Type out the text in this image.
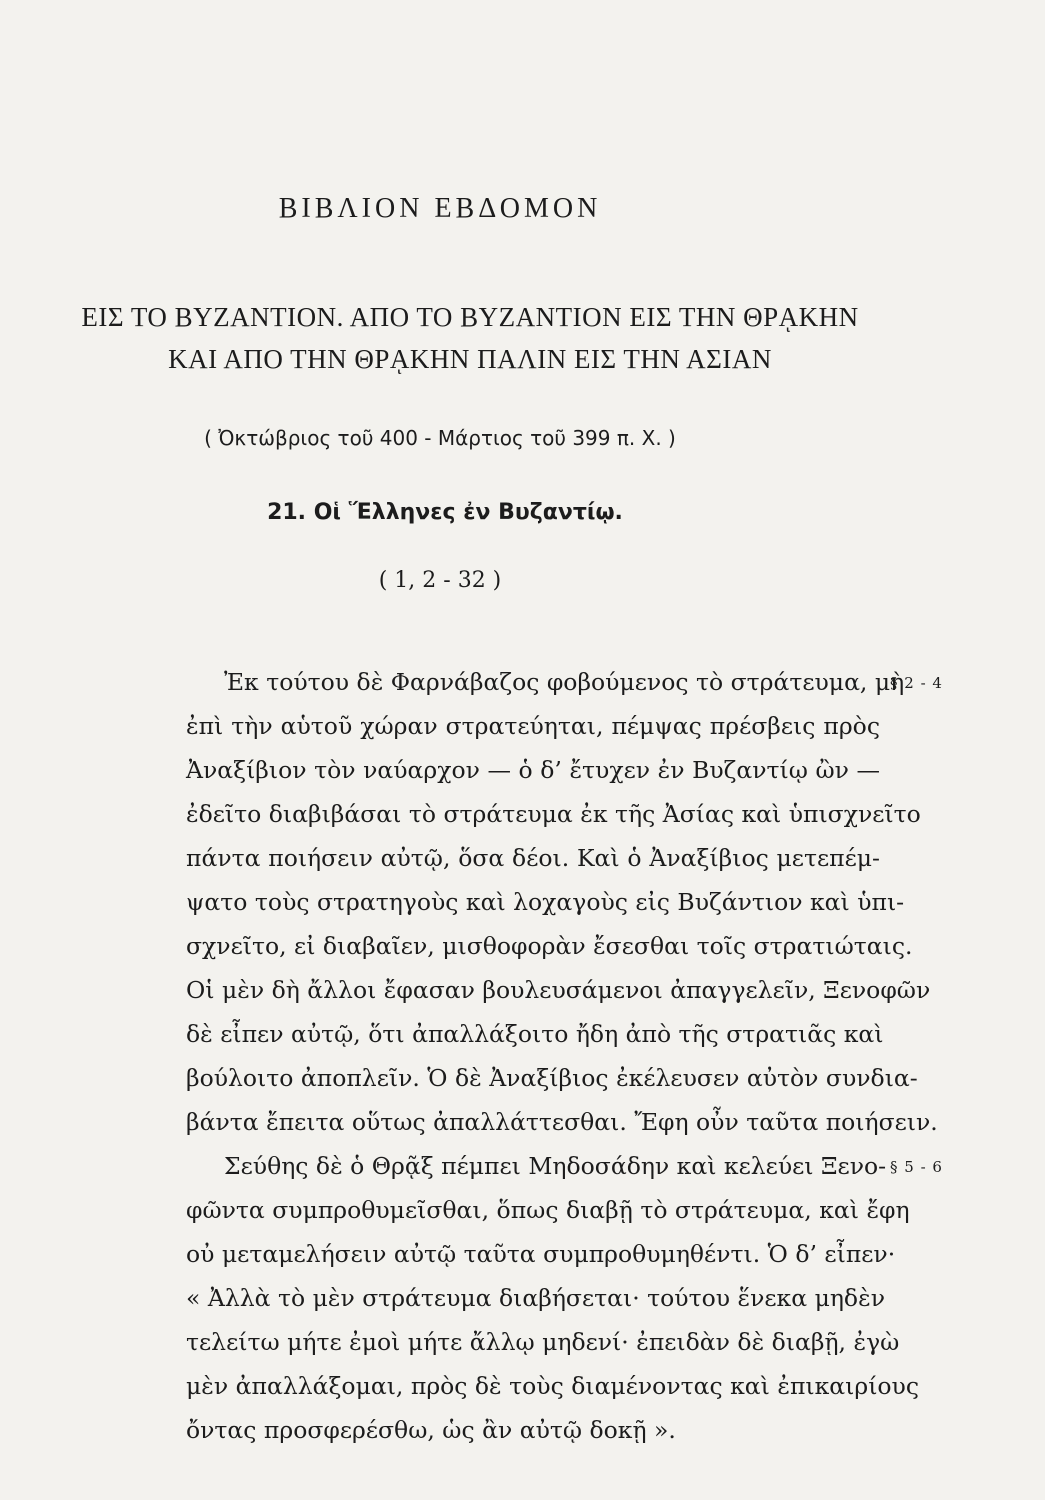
ΒΙΒΛΙΟΝ ΕΒΔΟΜΟΝ
ΕΙΣ ΤΟ ΒΥΖΑΝΤΙΟΝ. ΑΠΟ ΤΟ ΒΥΖΑΝΤΙΟΝ ΕΙΣ ΤΗΝ ΘΡᾼΚΗΝ
ΚΑΙ ΑΠΟ ΤΗΝ ΘΡᾼΚΗΝ ΠΑΛΙΝ ΕΙΣ ΤΗΝ ΑΣΙΑΝ
( Ὀκτώβριος τοῦ 400 - Μάρτιος τοῦ 399 π. Χ. )
21. Οἱ Ἕλληνες ἐν Βυζαντίῳ.
( 1, 2 - 32 )
Ἐκ τούτου δὲ Φαρνάβαζος φοβούμενος τὸ στράτευμα, μὴ
ἐπὶ τὴν αὑτοῦ χώραν στρατεύηται, πέμψας πρέσβεις πρὸς
Ἀναξίβιον τὸν ναύαρχον — ὁ δ’ ἔτυχεν ἐν Βυζαντίῳ ὢν —
ἐδεῖτο διαβιβάσαι τὸ στράτευμα ἐκ τῆς Ἀσίας καὶ ὑπισχνεῖτο
πάντα ποιήσειν αὐτῷ, ὅσα δέοι. Καὶ ὁ Ἀναξίβιος μετεπέμ-
ψατο τοὺς στρατηγοὺς καὶ λοχαγοὺς εἰς Βυζάντιον καὶ ὑπι-
σχνεῖτο, εἰ διαβαῖεν, μισθοφορὰν ἔσεσθαι τοῖς στρατιώταις.
Οἱ μὲν δὴ ἄλλοι ἔφασαν βουλευσάμενοι ἀπαγγελεῖν, Ξενοφῶν
δὲ εἶπεν αὐτῷ, ὅτι ἀπαλλάξοιτο ἤδη ἀπὸ τῆς στρατιᾶς καὶ
βούλοιτο ἀποπλεῖν. Ὁ δὲ Ἀναξίβιος ἐκέλευσεν αὐτὸν συνδια-
βάντα ἔπειτα οὕτως ἀπαλλάττεσθαι. Ἔφη οὖν ταῦτα ποιήσειν.
Σεύθης δὲ ὁ Θρᾷξ πέμπει Μηδοσάδην καὶ κελεύει Ξενο-
φῶντα συμπροθυμεῖσθαι, ὅπως διαβῇ τὸ στράτευμα, καὶ ἔφη
οὐ μεταμελήσειν αὐτῷ ταῦτα συμπροθυμηθέντι. Ὁ δ’ εἶπεν·
« Ἀλλὰ τὸ μὲν στράτευμα διαβήσεται· τούτου ἕνεκα μηδὲν
τελείτω μήτε ἐμοὶ μήτε ἄλλῳ μηδενί· ἐπειδὰν δὲ διαβῇ, ἐγὼ
μὲν ἀπαλλάξομαι, πρὸς δὲ τοὺς διαμένοντας καὶ ἐπικαιρίους
ὄντας προσφερέσθω, ὡς ἂν αὐτῷ δοκῇ ».
§ 2 - 4
§ 5 - 6
